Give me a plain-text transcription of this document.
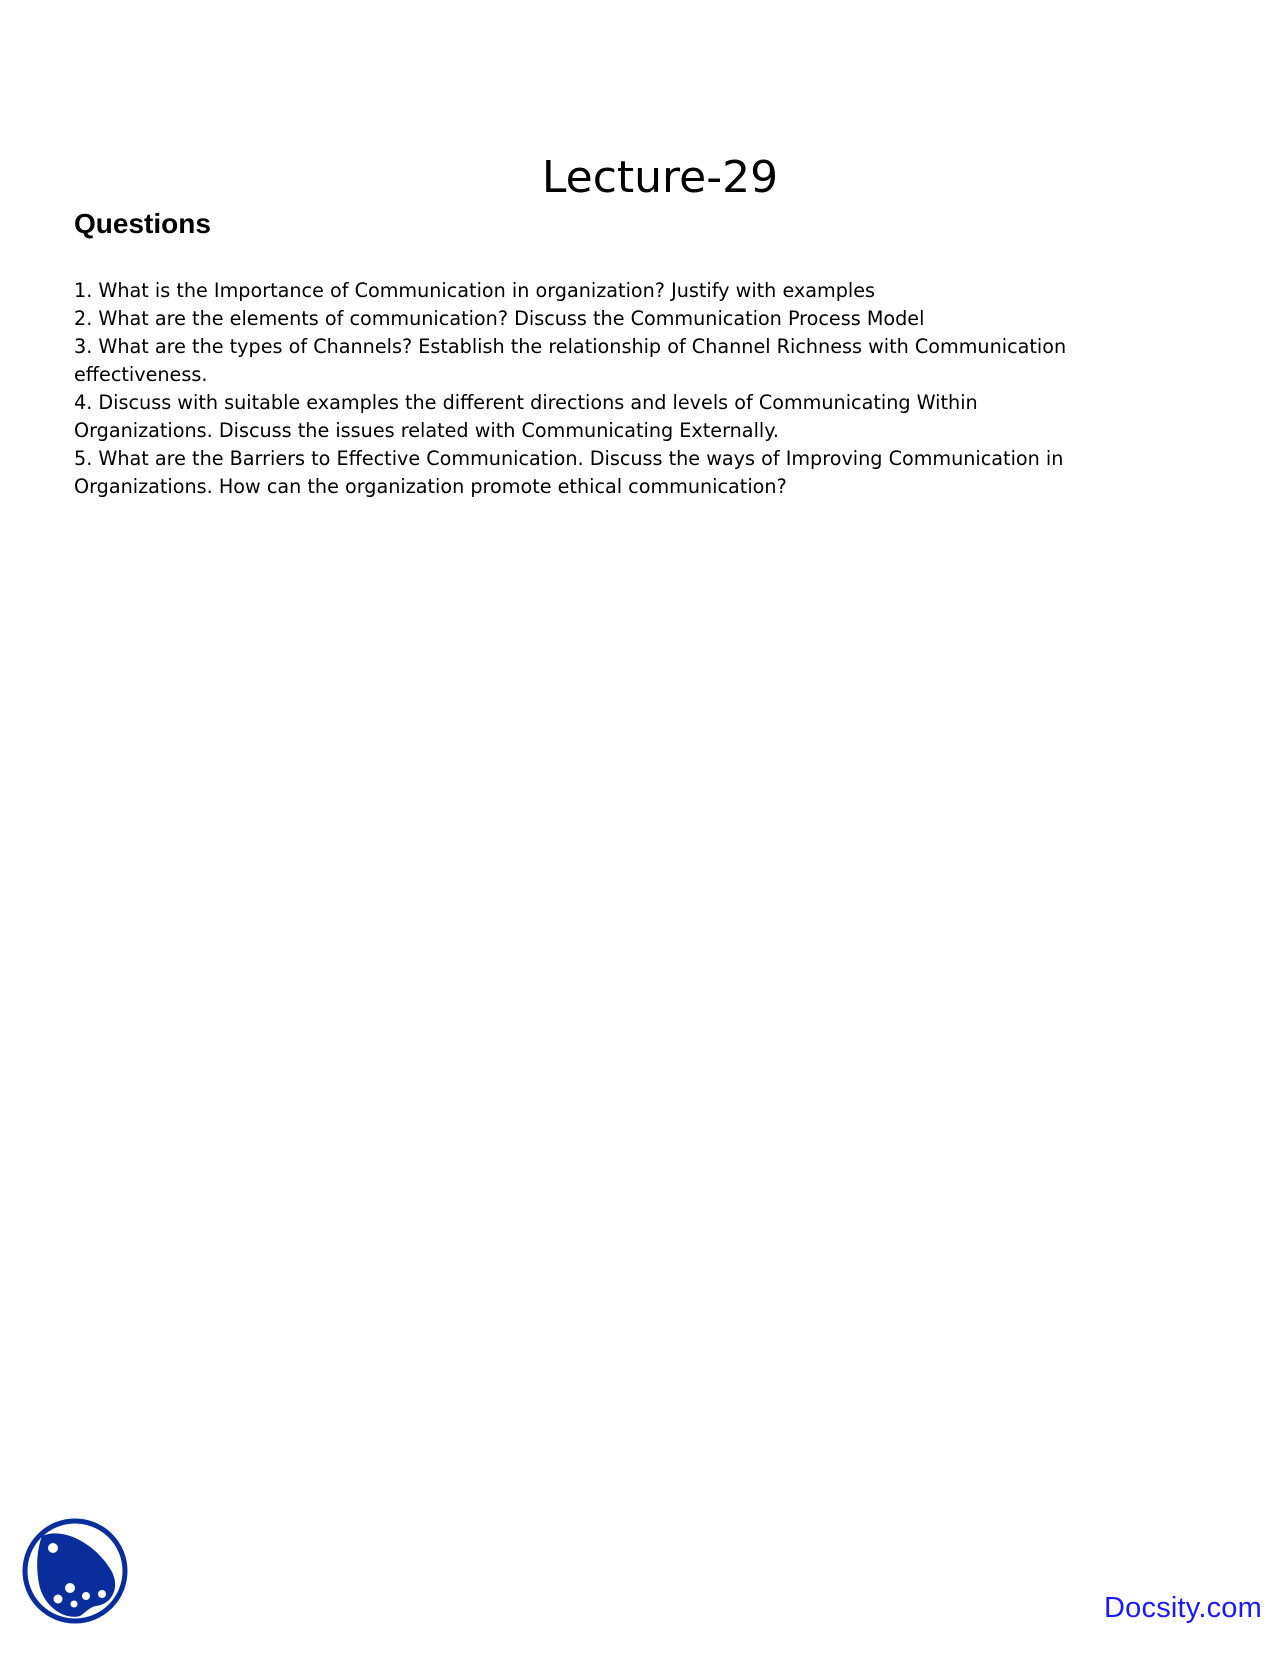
Lecture-29
Questions
1. What is the Importance of Communication in organization? Justify with examples
2. What are the elements of communication? Discuss the Communication Process Model
3. What are the types of Channels? Establish the relationship of Channel Richness with Communication effectiveness.
4. Discuss with suitable examples the different directions and levels of Communicating Within Organizations. Discuss the issues related with Communicating Externally.
5. What are the Barriers to Effective Communication. Discuss the ways of Improving Communication in Organizations. How can the organization promote ethical communication?
Docsity.com
